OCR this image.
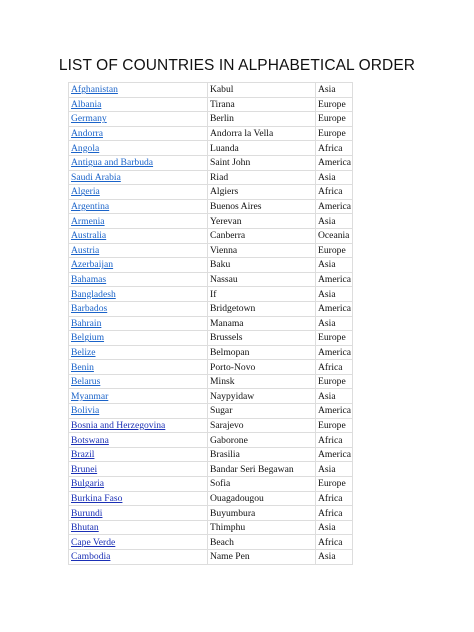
LIST OF COUNTRIES IN ALPHABETICAL ORDER
Afghanistan	Kabul	Asia
Albania	Tirana	Europe
Germany	Berlin	Europe
Andorra	Andorra la Vella	Europe
Angola	Luanda	Africa
Antigua and Barbuda	Saint John	America
Saudi Arabia	Riad	Asia
Algeria	Algiers	Africa
Argentina	Buenos Aires	America
Armenia	Yerevan	Asia
Australia	Canberra	Oceania
Austria	Vienna	Europe
Azerbaijan	Baku	Asia
Bahamas	Nassau	America
Bangladesh	If	Asia
Barbados	Bridgetown	America
Bahrain	Manama	Asia
Belgium	Brussels	Europe
Belize	Belmopan	America
Benin	Porto-Novo	Africa
Belarus	Minsk	Europe
Myanmar	Naypyidaw	Asia
Bolivia	Sugar	America
Bosnia and Herzegovina	Sarajevo	Europe
Botswana	Gaborone	Africa
Brazil	Brasilia	America
Brunei	Bandar Seri Begawan	Asia
Bulgaria	Sofia	Europe
Burkina Faso	Ouagadougou	Africa
Burundi	Buyumbura	Africa
Bhutan	Thimphu	Asia
Cape Verde	Beach	Africa
Cambodia	Name Pen	Asia
